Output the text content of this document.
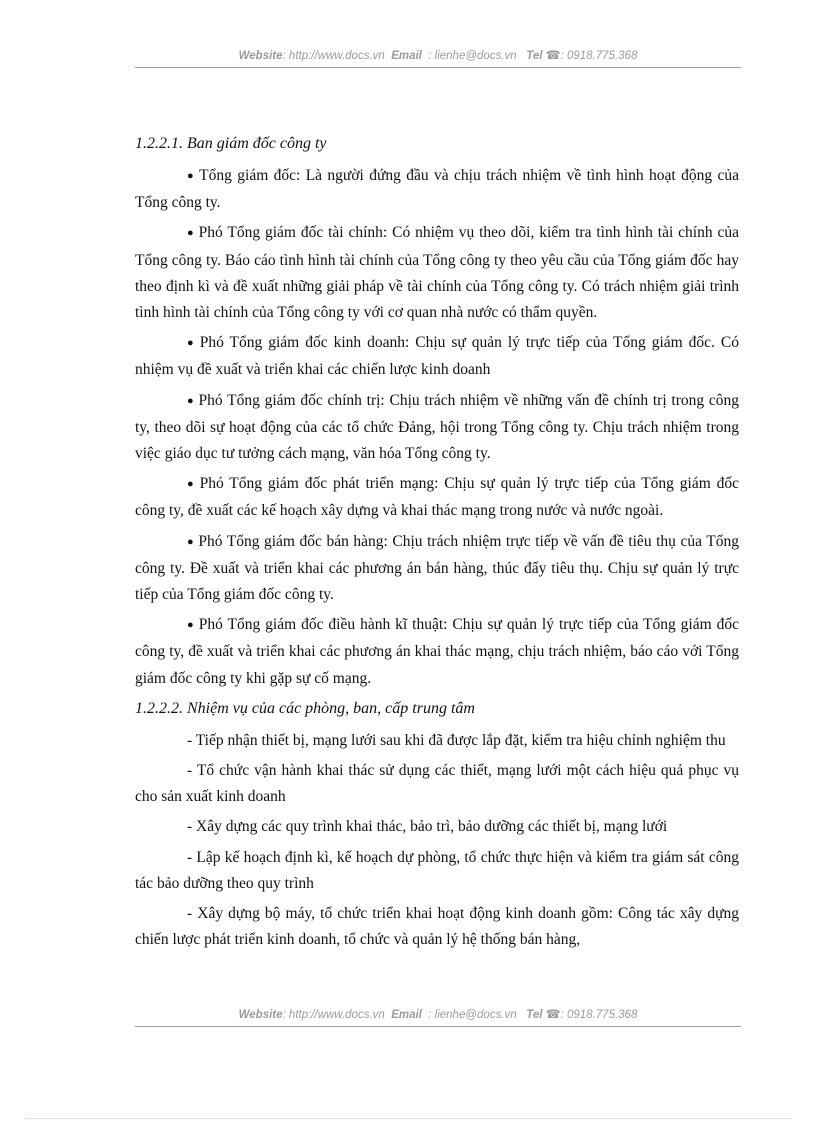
Website: http://www.docs.vn Email : lienhe@docs.vn Tel ☎: 0918.775.368
1.2.2.1. Ban giám đốc công ty

● Tổng giám đốc: Là người đứng đầu và chịu trách nhiệm về tình hình hoạt động của Tổng công ty.

● Phó Tổng giám đốc tài chính: Có nhiệm vụ theo dõi, kiểm tra tình hình tài chính của Tổng công ty. Báo cáo tình hình tài chính của Tổng công ty theo yêu cầu của Tổng giám đốc hay theo định kì và đề xuất những giải pháp về tài chính của Tổng công ty. Có trách nhiệm giải trình tình hình tài chính của Tổng công ty với cơ quan nhà nước có thẩm quyền.

● Phó Tổng giám đốc kinh doanh: Chịu sự quản lý trực tiếp của Tổng giám đốc. Có nhiệm vụ đề xuất và triển khai các chiến lược kinh doanh

● Phó Tổng giám đốc chính trị: Chịu trách nhiệm về những vấn đề chính trị trong công ty, theo dõi sự hoạt động của các tổ chức Đảng, hội trong Tổng công ty. Chịu trách nhiệm trong việc giáo dục tư tưởng cách mạng, văn hóa Tổng công ty.

● Phó Tổng giám đốc phát triển mạng: Chịu sự quản lý trực tiếp của Tổng giám đốc công ty, đề xuất các kế hoạch xây dựng và khai thác mạng trong nước và nước ngoài.

● Phó Tổng giám đốc bán hàng: Chịu trách nhiệm trực tiếp về vấn đề tiêu thụ của Tổng công ty. Đề xuất và triển khai các phương án bán hàng, thúc đẩy tiêu thụ. Chịu sự quản lý trực tiếp của Tổng giám đốc công ty.

● Phó Tổng giám đốc điều hành kĩ thuật: Chịu sự quản lý trực tiếp của Tổng giám đốc công ty, đề xuất và triển khai các phương án khai thác mạng, chịu trách nhiệm, báo cáo với Tổng giám đốc công ty khi gặp sự cố mạng.

1.2.2.2. Nhiệm vụ của các phòng, ban, cấp trung tâm

- Tiếp nhận thiết bị, mạng lưới sau khi đã được lắp đặt, kiểm tra hiệu chỉnh nghiệm thu

- Tổ chức vận hành khai thác sử dụng các thiết, mạng lưới một cách hiệu quả phục vụ cho sản xuất kinh doanh

- Xây dựng các quy trình khai thác, bảo trì, bảo dưỡng các thiết bị, mạng lưới

- Lập kế hoạch định kì, kế hoạch dự phòng, tổ chức thực hiện và kiểm tra giám sát công tác bảo dưỡng theo quy trình

- Xây dựng bộ máy, tổ chức triển khai hoạt động kinh doanh gồm: Công tác xây dựng chiến lược phát triển kinh doanh, tổ chức và quản lý hệ thống bán hàng,

Website: http://www.docs.vn Email : lienhe@docs.vn Tel ☎: 0918.775.368
